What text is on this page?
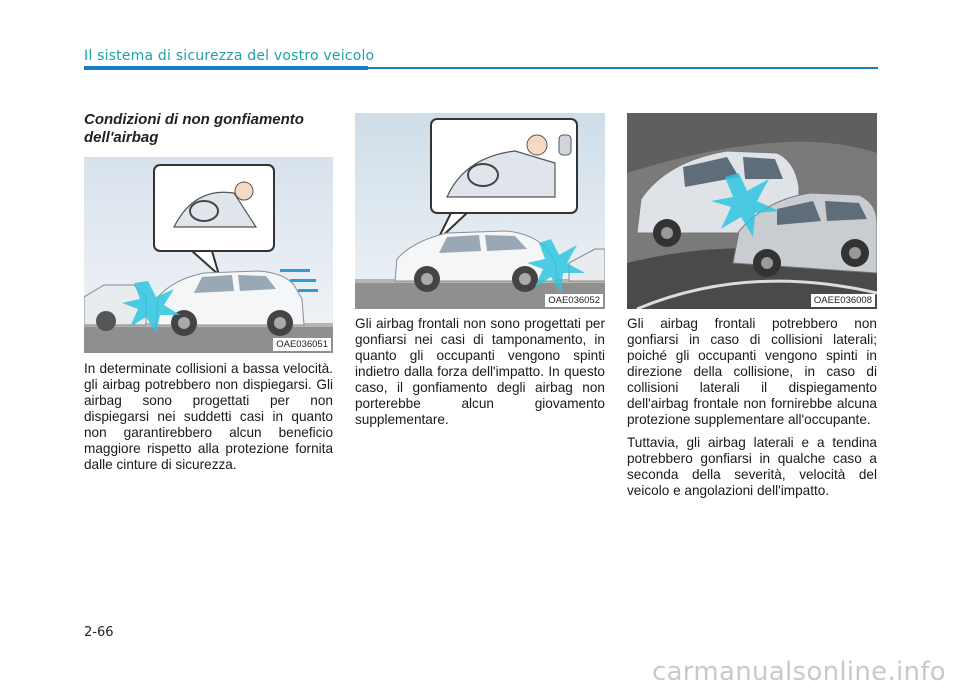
Il sistema di sicurezza del vostro veicolo
Condizioni di non gonfiamento dell'airbag
OAE036051

In determinate collisioni a bassa velocità. gli airbag potrebbero non dispiegarsi. Gli airbag sono progettati per non dispiegarsi nei suddetti casi in quanto non garantirebbero alcun beneficio maggiore rispetto alla protezione fornita dalle cinture di sicurezza.

OAE036052

Gli airbag frontali non sono progettati per gonfiarsi nei casi di tamponamento, in quanto gli occupanti vengono spinti indietro dalla forza dell'impatto. In questo caso, il gonfiamento degli airbag non porterebbe alcun giovamento supplementare.

OAEE036008

Gli airbag frontali potrebbero non gonfiarsi in caso di collisioni laterali; poiché gli occupanti vengono spinti in direzione della collisione, in caso di collisioni laterali il dispiegamento dell'airbag frontale non fornirebbe alcuna protezione supplementare all'occupante.

Tuttavia, gli airbag laterali e a tendina potrebbero gonfiarsi in qualche caso a seconda della severità, velocità del veicolo e angolazioni dell'impatto.

2-66
carmanualsonline.info
